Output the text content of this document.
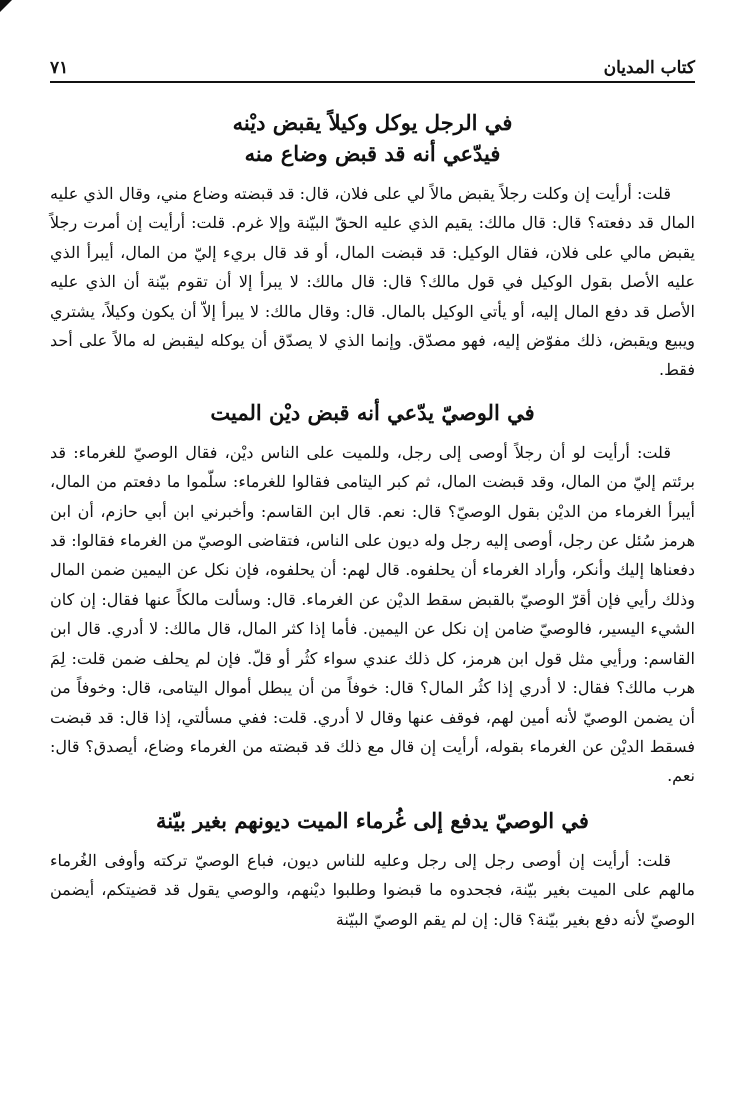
كتاب المديان
٧١
في الرجل يوكل وكيلاً يقبض ديْنه
فيدّعي أنه قد قبض وضاع منه

قلت: أرأيت إن وكلت رجلاً يقبض مالاً لي على فلان، قال: قد قبضته وضاع مني، وقال الذي عليه المال قد دفعته؟ قال: قال مالك: يقيم الذي عليه الحقّ البيّنة وإلا غرم. قلت: أرأيت إن أمرت رجلاً يقبض مالي على فلان، فقال الوكيل: قد قبضت المال، أو قد قال بريء إليّ من المال، أيبرأ الذي عليه الأصل بقول الوكيل في قول مالك؟ قال: قال مالك: لا يبرأ إلا أن تقوم بيّنة أن الذي عليه الأصل قد دفع المال إليه، أو يأتي الوكيل بالمال. قال: وقال مالك: لا يبرأ إلاّ أن يكون وكيلاً، يشتري ويبيع ويقبض، ذلك مفوّض إليه، فهو مصدّق. وإنما الذي لا يصدّق أن يوكله ليقبض له مالاً على أحد فقط.

في الوصيّ يدّعي أنه قبض دیْن الميت

قلت: أرأيت لو أن رجلاً أوصى إلى رجل، وللميت على الناس ديْن، فقال الوصيّ للغرماء: قد برئتم إليّ من المال، وقد قبضت المال، ثم كبر اليتامى فقالوا للغرماء: سلّموا ما دفعتم من المال، أيبرأ الغرماء من الديْن بقول الوصيّ؟ قال: نعم. قال ابن القاسم: وأخبرني ابن أبي حازم، أن ابن هرمز سُئل عن رجل، أوصى إليه رجل وله ديون على الناس، فتقاضى الوصيّ من الغرماء فقالوا: قد دفعناها إليك وأنكر، وأراد الغرماء أن يحلفوه. قال لهم: أن يحلفوه، فإن نكل عن اليمين ضمن المال وذلك رأيي فإن أقرّ الوصيّ بالقبض سقط الديْن عن الغرماء. قال: وسألت مالكاً عنها فقال: إن كان الشيء اليسير، فالوصيّ ضامن إن نكل عن اليمين. فأما إذا كثر المال، قال مالك: لا أدري. قال ابن القاسم: ورأيي مثل قول ابن هرمز، كل ذلك عندي سواء كثُر أو قلّ. فإن لم يحلف ضمن قلت: لِمَ هرب مالك؟ فقال: لا أدري إذا كثُر المال؟ قال: خوفاً من أن يبطل أموال اليتامى، قال: وخوفاً من أن يضمن الوصيّ لأنه أمين لهم، فوقف عنها وقال لا أدري. قلت: ففي مسألتي، إذا قال: قد قبضت فسقط الديْن عن الغرماء بقوله، أرأيت إن قال مع ذلك قد قبضته من الغرماء وضاع، أيصدق؟ قال: نعم.

في الوصيّ يدفع إلى غُرماء الميت ديونهم بغير بيّنة

قلت: أرأيت إن أوصى رجل إلى رجل وعليه للناس ديون، فباع الوصيّ تركته وأوفى الغُرماء مالهم على الميت بغير بيّنة، فجحدوه ما قبضوا وطلبوا ديْنهم، والوصي يقول قد قضيتكم، أيضمن الوصيّ لأنه دفع بغير بيّنة؟ قال: إن لم يقم الوصيّ البيّنة
